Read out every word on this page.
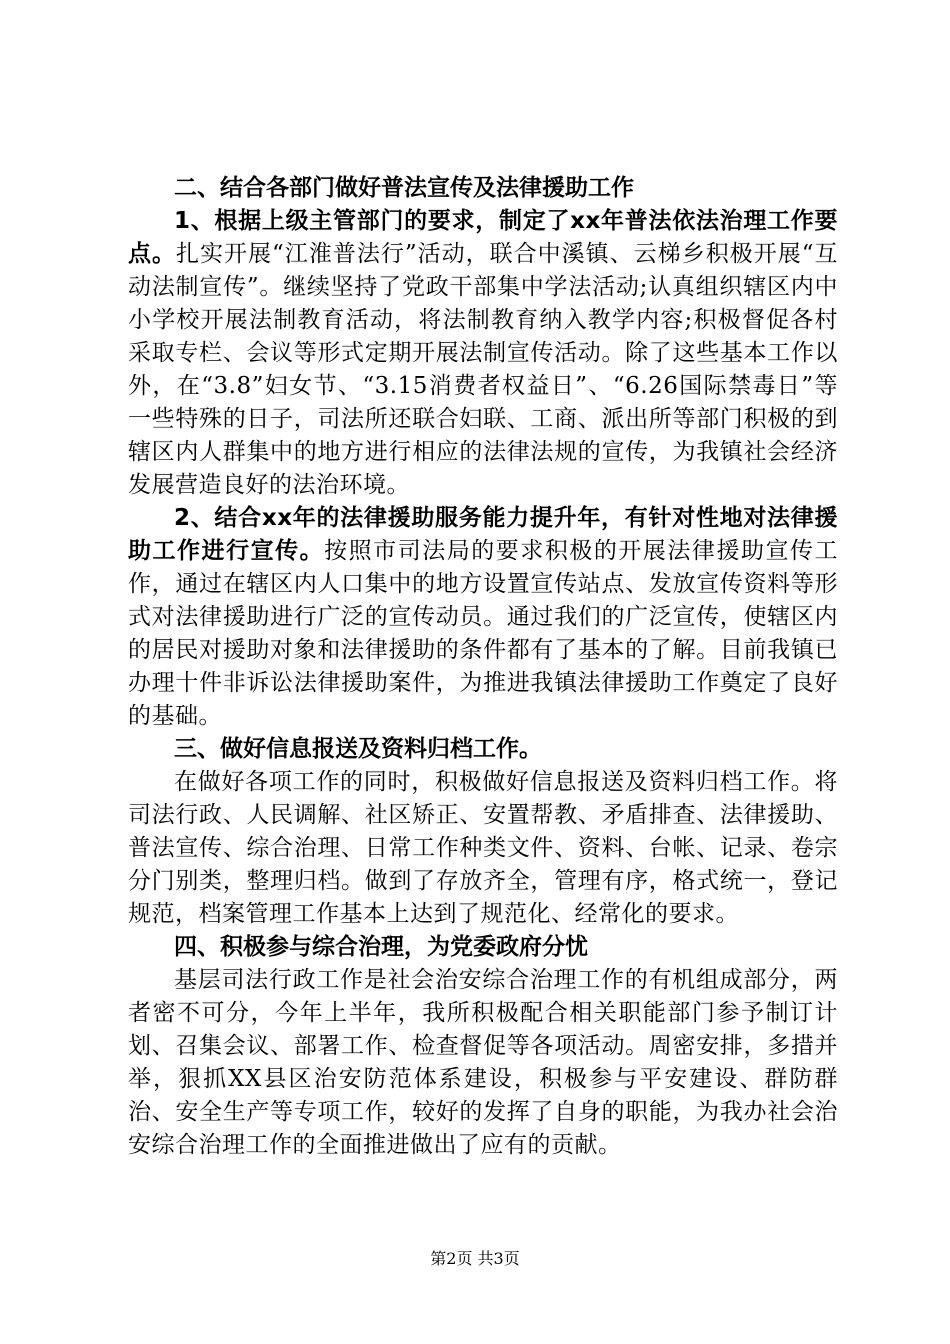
二、结合各部门做好普法宣传及法律援助工作

1、根据上级主管部门的要求，制定了xx年普法依法治理工作要点。扎实开展“江淮普法行”活动，联合中溪镇、云梯乡积极开展“互动法制宣传”。继续坚持了党政干部集中学法活动;认真组织辖区内中小学校开展法制教育活动，将法制教育纳入教学内容;积极督促各村采取专栏、会议等形式定期开展法制宣传活动。除了这些基本工作以外，在“3.8”妇女节、“3.15消费者权益日”、“6.26国际禁毒日”等一些特殊的日子，司法所还联合妇联、工商、派出所等部门积极的到辖区内人群集中的地方进行相应的法律法规的宣传，为我镇社会经济发展营造良好的法治环境。

2、结合xx年的法律援助服务能力提升年，有针对性地对法律援助工作进行宣传。按照市司法局的要求积极的开展法律援助宣传工作，通过在辖区内人口集中的地方设置宣传站点、发放宣传资料等形式对法律援助进行广泛的宣传动员。通过我们的广泛宣传，使辖区内的居民对援助对象和法律援助的条件都有了基本的了解。目前我镇已办理十件非诉讼法律援助案件，为推进我镇法律援助工作奠定了良好的基础。

三、做好信息报送及资料归档工作。

在做好各项工作的同时，积极做好信息报送及资料归档工作。将司法行政、人民调解、社区矫正、安置帮教、矛盾排查、法律援助、普法宣传、综合治理、日常工作种类文件、资料、台帐、记录、卷宗分门别类，整理归档。做到了存放齐全，管理有序，格式统一，登记规范，档案管理工作基本上达到了规范化、经常化的要求。

四、积极参与综合治理，为党委政府分忧

基层司法行政工作是社会治安综合治理工作的有机组成部分，两者密不可分，今年上半年，我所积极配合相关职能部门参予制订计划、召集会议、部署工作、检查督促等各项活动。周密安排，多措并举，狠抓XX县区治安防范体系建设，积极参与平安建设、群防群治、安全生产等专项工作，较好的发挥了自身的职能，为我办社会治安综合治理工作的全面推进做出了应有的贡献。

第2页 共3页
